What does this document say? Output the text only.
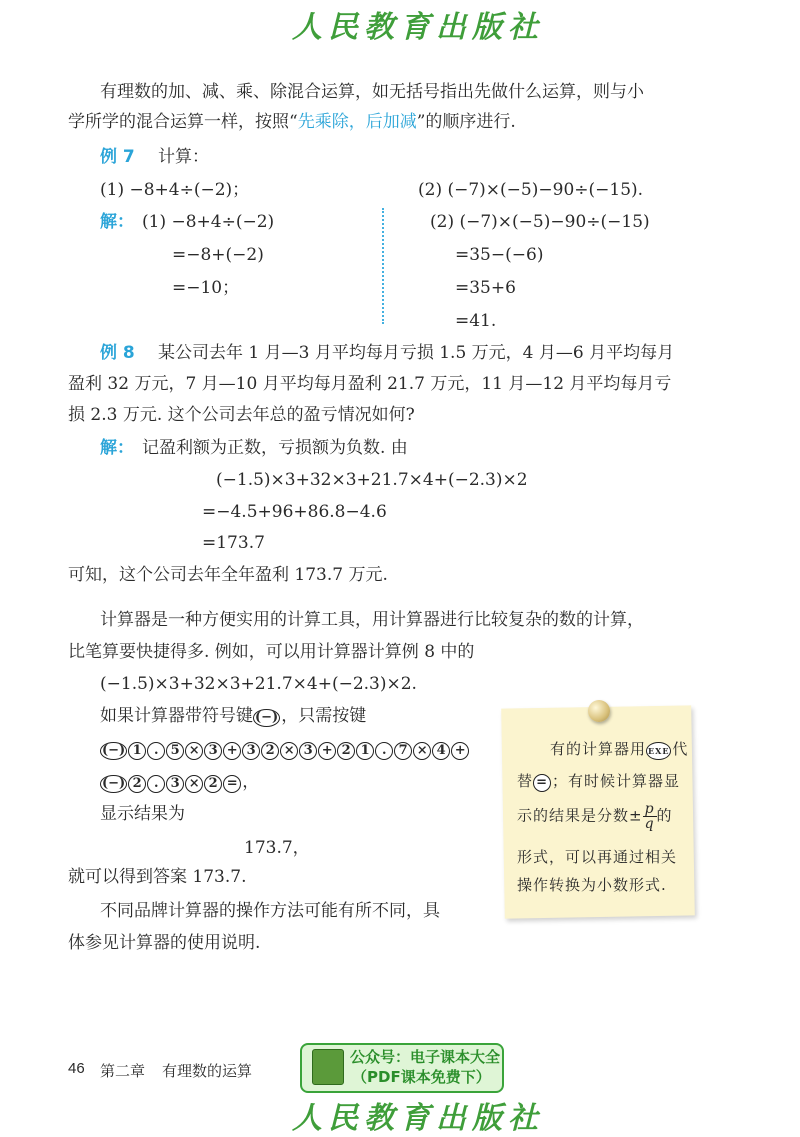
人民教育出版社
有理数的加、减、乘、除混合运算，如无括号指出先做什么运算，则与小
学所学的混合运算一样，按照“先乘除，后加减”的顺序进行.
例 7 计算：
(1) −8+4÷(−2)；	(2) (−7)×(−5)−90÷(−15).
解： (1) −8+4÷(−2)
=−8+(−2)
=−10；
(2) (−7)×(−5)−90÷(−15)
=35−(−6)
=35+6
=41.
例 8 某公司去年 1 月—3 月平均每月亏损 1.5 万元，4 月—6 月平均每月
盈利 32 万元，7 月—10 月平均每月盈利 21.7 万元，11 月—12 月平均每月亏
损 2.3 万元. 这个公司去年总的盈亏情况如何?
解： 记盈利额为正数，亏损额为负数. 由
(−1.5)×3+32×3+21.7×4+(−2.3)×2
=−4.5+96+86.8−4.6
=173.7
可知，这个公司去年全年盈利 173.7 万元.
计算器是一种方便实用的计算工具，用计算器进行比较复杂的数的计算，
比笔算要快捷得多. 例如，可以用计算器计算例 8 中的
(−1.5)×3+32×3+21.7×4+(−2.3)×2.
如果计算器带符号键 (−) ，只需按键
(−) 1 . 5 × 3 + 3 2 × 3 + 2 1 . 7 × 4 +
(−) 2 . 3 × 2 = ，
显示结果为
173.7，
就可以得到答案 173.7.
不同品牌计算器的操作方法可能有所不同，具
体参见计算器的使用说明.
有的计算器用 EXE 代
替 = ；有时候计算器显
示的结果是分数± $\frac{p}{q}$ 的
形式，可以再通过相关
操作转换为小数形式.
46 第二章 有理数的运算
公众号：电子课本大全
（PDF课本免费下）
人民教育出版社
